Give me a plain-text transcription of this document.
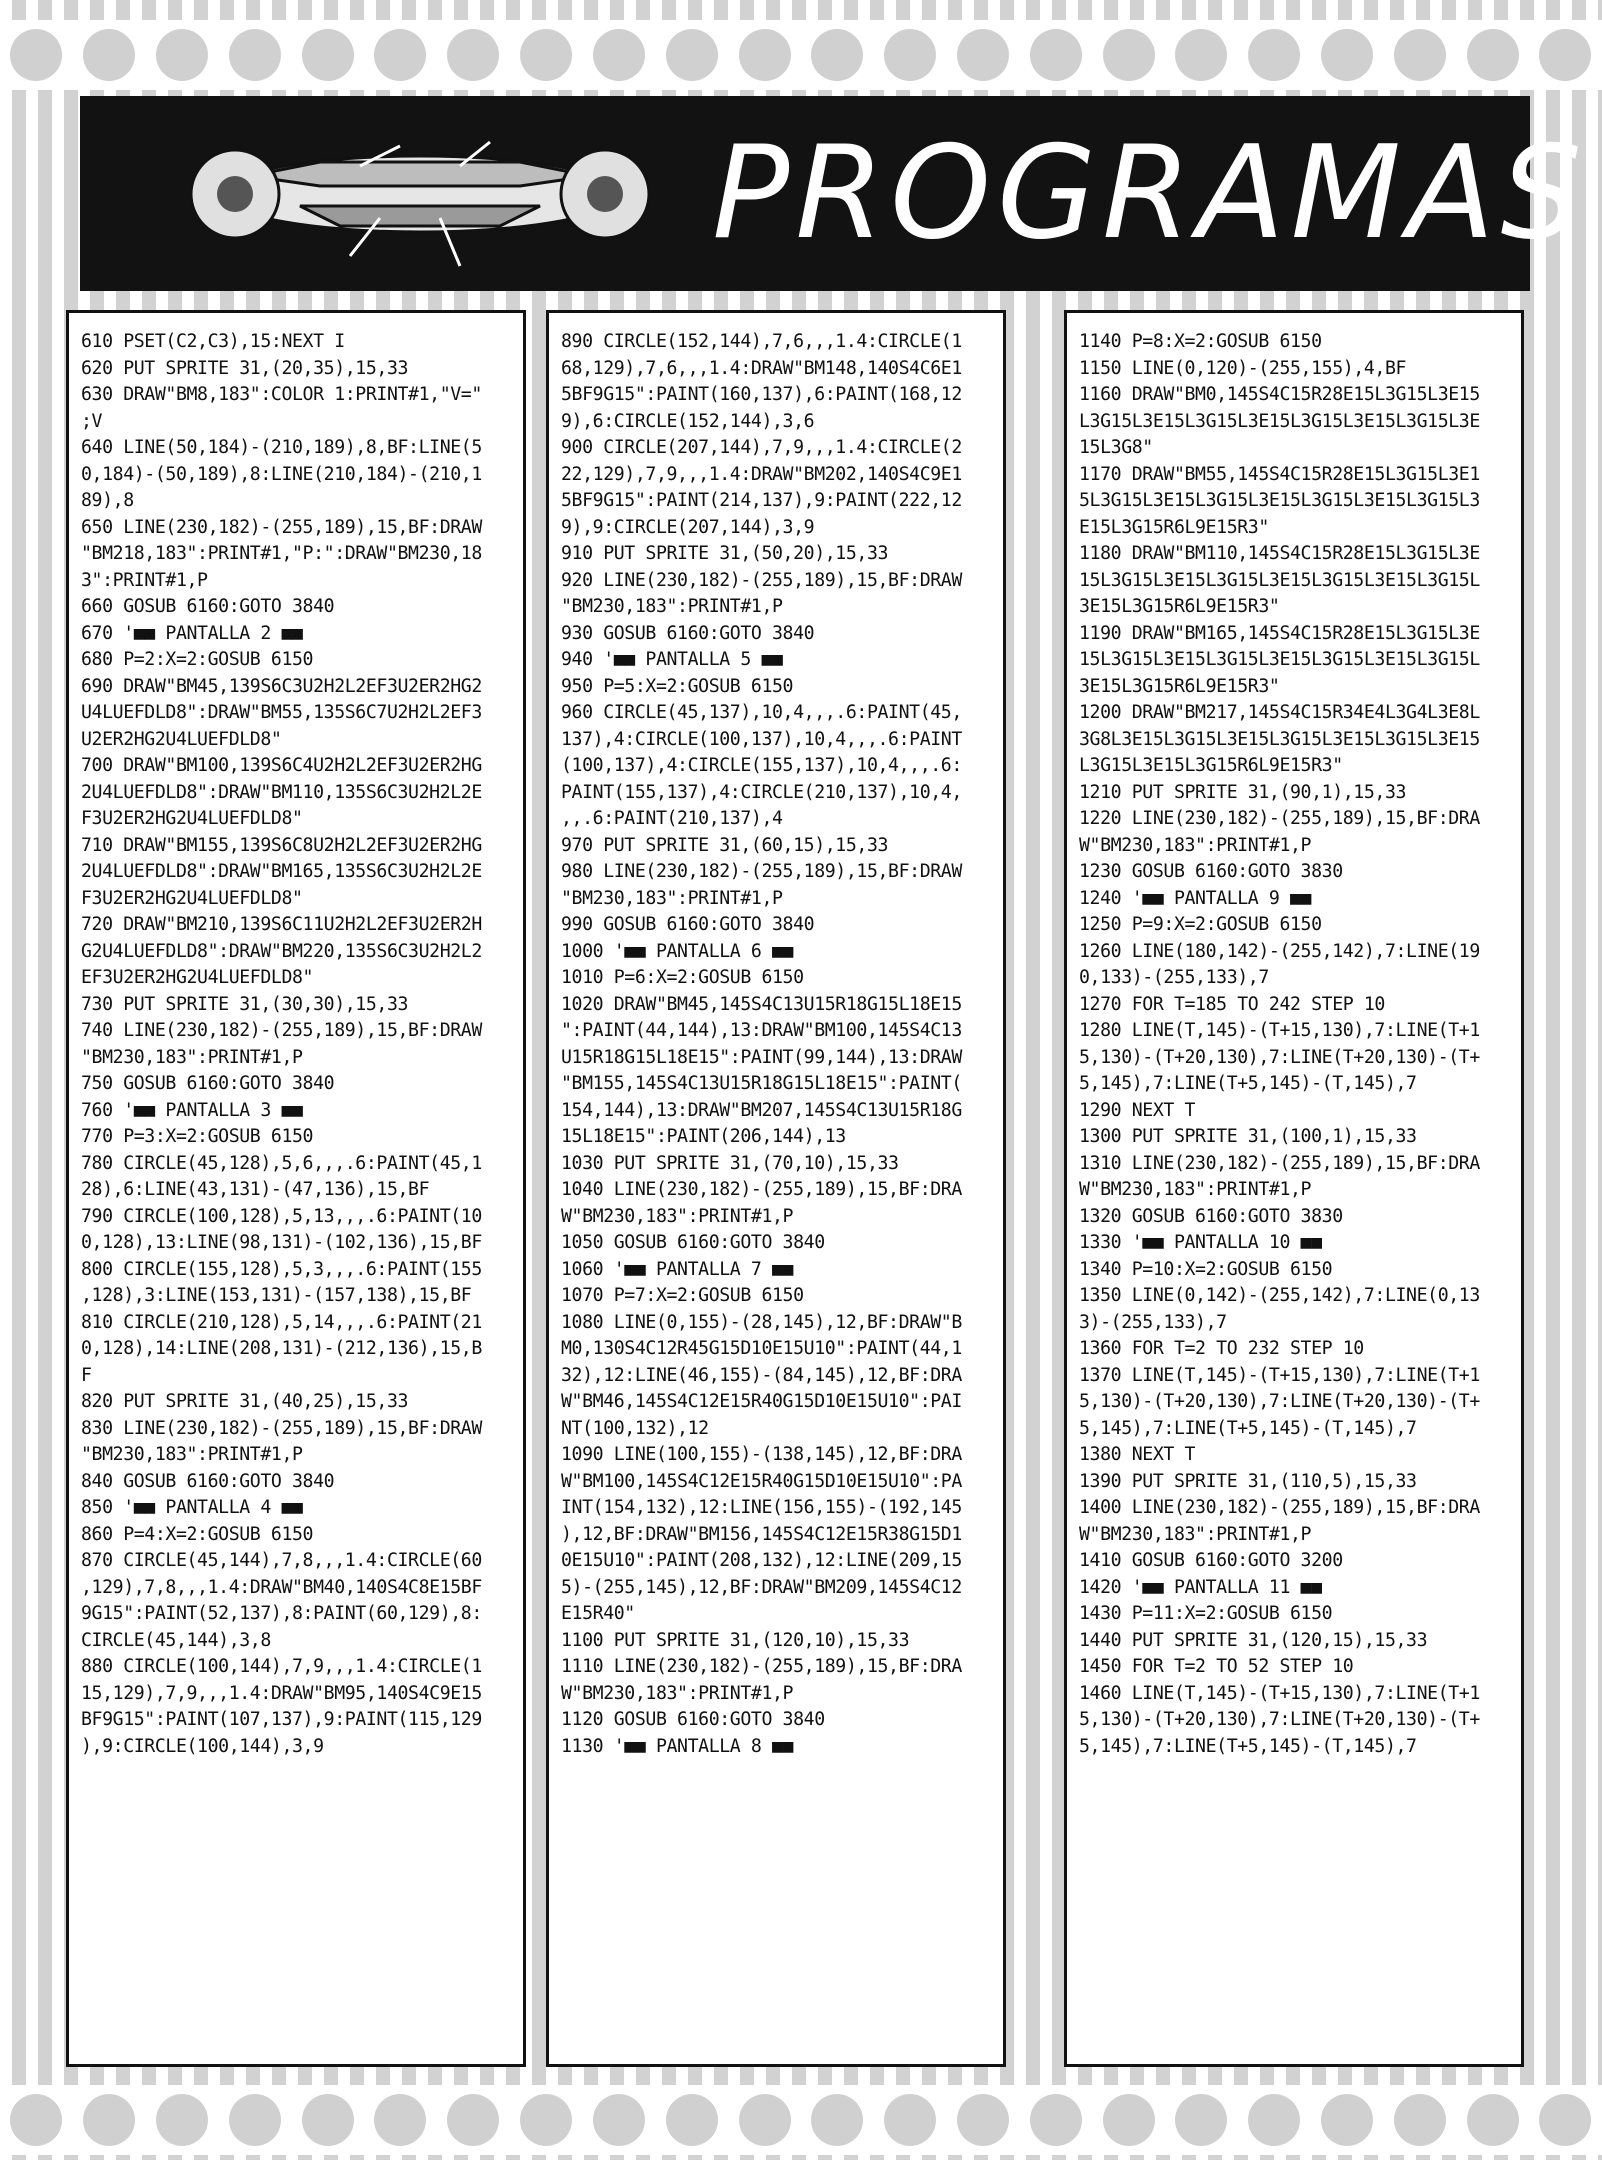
PROGRAMAS
610 PSET(C2,C3),15:NEXT I
620 PUT SPRITE 31,(20,35),15,33
630 DRAW"BM8,183":COLOR 1:PRINT#1,"V="
;V
640 LINE(50,184)-(210,189),8,BF:LINE(5
0,184)-(50,189),8:LINE(210,184)-(210,1
89),8
650 LINE(230,182)-(255,189),15,BF:DRAW
"BM218,183":PRINT#1,"P:":DRAW"BM230,18
3":PRINT#1,P
660 GOSUB 6160:GOTO 3840
670 '■■ PANTALLA 2 ■■
680 P=2:X=2:GOSUB 6150
690 DRAW"BM45,139S6C3U2H2L2EF3U2ER2HG2
U4LUEFDLD8":DRAW"BM55,135S6C7U2H2L2EF3
U2ER2HG2U4LUEFDLD8"
700 DRAW"BM100,139S6C4U2H2L2EF3U2ER2HG
2U4LUEFDLD8":DRAW"BM110,135S6C3U2H2L2E
F3U2ER2HG2U4LUEFDLD8"
710 DRAW"BM155,139S6C8U2H2L2EF3U2ER2HG
2U4LUEFDLD8":DRAW"BM165,135S6C3U2H2L2E
F3U2ER2HG2U4LUEFDLD8"
720 DRAW"BM210,139S6C11U2H2L2EF3U2ER2H
G2U4LUEFDLD8":DRAW"BM220,135S6C3U2H2L2
EF3U2ER2HG2U4LUEFDLD8"
730 PUT SPRITE 31,(30,30),15,33
740 LINE(230,182)-(255,189),15,BF:DRAW
"BM230,183":PRINT#1,P
750 GOSUB 6160:GOTO 3840
760 '■■ PANTALLA 3 ■■
770 P=3:X=2:GOSUB 6150
780 CIRCLE(45,128),5,6,,,.6:PAINT(45,1
28),6:LINE(43,131)-(47,136),15,BF
790 CIRCLE(100,128),5,13,,,.6:PAINT(10
0,128),13:LINE(98,131)-(102,136),15,BF
800 CIRCLE(155,128),5,3,,,.6:PAINT(155
,128),3:LINE(153,131)-(157,138),15,BF
810 CIRCLE(210,128),5,14,,,.6:PAINT(21
0,128),14:LINE(208,131)-(212,136),15,B
F
820 PUT SPRITE 31,(40,25),15,33
830 LINE(230,182)-(255,189),15,BF:DRAW
"BM230,183":PRINT#1,P
840 GOSUB 6160:GOTO 3840
850 '■■ PANTALLA 4 ■■
860 P=4:X=2:GOSUB 6150
870 CIRCLE(45,144),7,8,,,1.4:CIRCLE(60
,129),7,8,,,1.4:DRAW"BM40,140S4C8E15BF
9G15":PAINT(52,137),8:PAINT(60,129),8:
CIRCLE(45,144),3,8
880 CIRCLE(100,144),7,9,,,1.4:CIRCLE(1
15,129),7,9,,,1.4:DRAW"BM95,140S4C9E15
BF9G15":PAINT(107,137),9:PAINT(115,129
),9:CIRCLE(100,144),3,9
890 CIRCLE(152,144),7,6,,,1.4:CIRCLE(1
68,129),7,6,,,1.4:DRAW"BM148,140S4C6E1
5BF9G15":PAINT(160,137),6:PAINT(168,12
9),6:CIRCLE(152,144),3,6
900 CIRCLE(207,144),7,9,,,1.4:CIRCLE(2
22,129),7,9,,,1.4:DRAW"BM202,140S4C9E1
5BF9G15":PAINT(214,137),9:PAINT(222,12
9),9:CIRCLE(207,144),3,9
910 PUT SPRITE 31,(50,20),15,33
920 LINE(230,182)-(255,189),15,BF:DRAW
"BM230,183":PRINT#1,P
930 GOSUB 6160:GOTO 3840
940 '■■ PANTALLA 5 ■■
950 P=5:X=2:GOSUB 6150
960 CIRCLE(45,137),10,4,,,.6:PAINT(45,
137),4:CIRCLE(100,137),10,4,,,.6:PAINT
(100,137),4:CIRCLE(155,137),10,4,,,.6:
PAINT(155,137),4:CIRCLE(210,137),10,4,
,,.6:PAINT(210,137),4
970 PUT SPRITE 31,(60,15),15,33
980 LINE(230,182)-(255,189),15,BF:DRAW
"BM230,183":PRINT#1,P
990 GOSUB 6160:GOTO 3840
1000 '■■ PANTALLA 6 ■■
1010 P=6:X=2:GOSUB 6150
1020 DRAW"BM45,145S4C13U15R18G15L18E15
":PAINT(44,144),13:DRAW"BM100,145S4C13
U15R18G15L18E15":PAINT(99,144),13:DRAW
"BM155,145S4C13U15R18G15L18E15":PAINT(
154,144),13:DRAW"BM207,145S4C13U15R18G
15L18E15":PAINT(206,144),13
1030 PUT SPRITE 31,(70,10),15,33
1040 LINE(230,182)-(255,189),15,BF:DRA
W"BM230,183":PRINT#1,P
1050 GOSUB 6160:GOTO 3840
1060 '■■ PANTALLA 7 ■■
1070 P=7:X=2:GOSUB 6150
1080 LINE(0,155)-(28,145),12,BF:DRAW"B
M0,130S4C12R45G15D10E15U10":PAINT(44,1
32),12:LINE(46,155)-(84,145),12,BF:DRA
W"BM46,145S4C12E15R40G15D10E15U10":PAI
NT(100,132),12
1090 LINE(100,155)-(138,145),12,BF:DRA
W"BM100,145S4C12E15R40G15D10E15U10":PA
INT(154,132),12:LINE(156,155)-(192,145
),12,BF:DRAW"BM156,145S4C12E15R38G15D1
0E15U10":PAINT(208,132),12:LINE(209,15
5)-(255,145),12,BF:DRAW"BM209,145S4C12
E15R40"
1100 PUT SPRITE 31,(120,10),15,33
1110 LINE(230,182)-(255,189),15,BF:DRA
W"BM230,183":PRINT#1,P
1120 GOSUB 6160:GOTO 3840
1130 '■■ PANTALLA 8 ■■
1140 P=8:X=2:GOSUB 6150
1150 LINE(0,120)-(255,155),4,BF
1160 DRAW"BM0,145S4C15R28E15L3G15L3E15
L3G15L3E15L3G15L3E15L3G15L3E15L3G15L3E
15L3G8"
1170 DRAW"BM55,145S4C15R28E15L3G15L3E1
5L3G15L3E15L3G15L3E15L3G15L3E15L3G15L3
E15L3G15R6L9E15R3"
1180 DRAW"BM110,145S4C15R28E15L3G15L3E
15L3G15L3E15L3G15L3E15L3G15L3E15L3G15L
3E15L3G15R6L9E15R3"
1190 DRAW"BM165,145S4C15R28E15L3G15L3E
15L3G15L3E15L3G15L3E15L3G15L3E15L3G15L
3E15L3G15R6L9E15R3"
1200 DRAW"BM217,145S4C15R34E4L3G4L3E8L
3G8L3E15L3G15L3E15L3G15L3E15L3G15L3E15
L3G15L3E15L3G15R6L9E15R3"
1210 PUT SPRITE 31,(90,1),15,33
1220 LINE(230,182)-(255,189),15,BF:DRA
W"BM230,183":PRINT#1,P
1230 GOSUB 6160:GOTO 3830
1240 '■■ PANTALLA 9 ■■
1250 P=9:X=2:GOSUB 6150
1260 LINE(180,142)-(255,142),7:LINE(19
0,133)-(255,133),7
1270 FOR T=185 TO 242 STEP 10
1280 LINE(T,145)-(T+15,130),7:LINE(T+1
5,130)-(T+20,130),7:LINE(T+20,130)-(T+
5,145),7:LINE(T+5,145)-(T,145),7
1290 NEXT T
1300 PUT SPRITE 31,(100,1),15,33
1310 LINE(230,182)-(255,189),15,BF:DRA
W"BM230,183":PRINT#1,P
1320 GOSUB 6160:GOTO 3830
1330 '■■ PANTALLA 10 ■■
1340 P=10:X=2:GOSUB 6150
1350 LINE(0,142)-(255,142),7:LINE(0,13
3)-(255,133),7
1360 FOR T=2 TO 232 STEP 10
1370 LINE(T,145)-(T+15,130),7:LINE(T+1
5,130)-(T+20,130),7:LINE(T+20,130)-(T+
5,145),7:LINE(T+5,145)-(T,145),7
1380 NEXT T
1390 PUT SPRITE 31,(110,5),15,33
1400 LINE(230,182)-(255,189),15,BF:DRA
W"BM230,183":PRINT#1,P
1410 GOSUB 6160:GOTO 3200
1420 '■■ PANTALLA 11 ■■
1430 P=11:X=2:GOSUB 6150
1440 PUT SPRITE 31,(120,15),15,33
1450 FOR T=2 TO 52 STEP 10
1460 LINE(T,145)-(T+15,130),7:LINE(T+1
5,130)-(T+20,130),7:LINE(T+20,130)-(T+
5,145),7:LINE(T+5,145)-(T,145),7
